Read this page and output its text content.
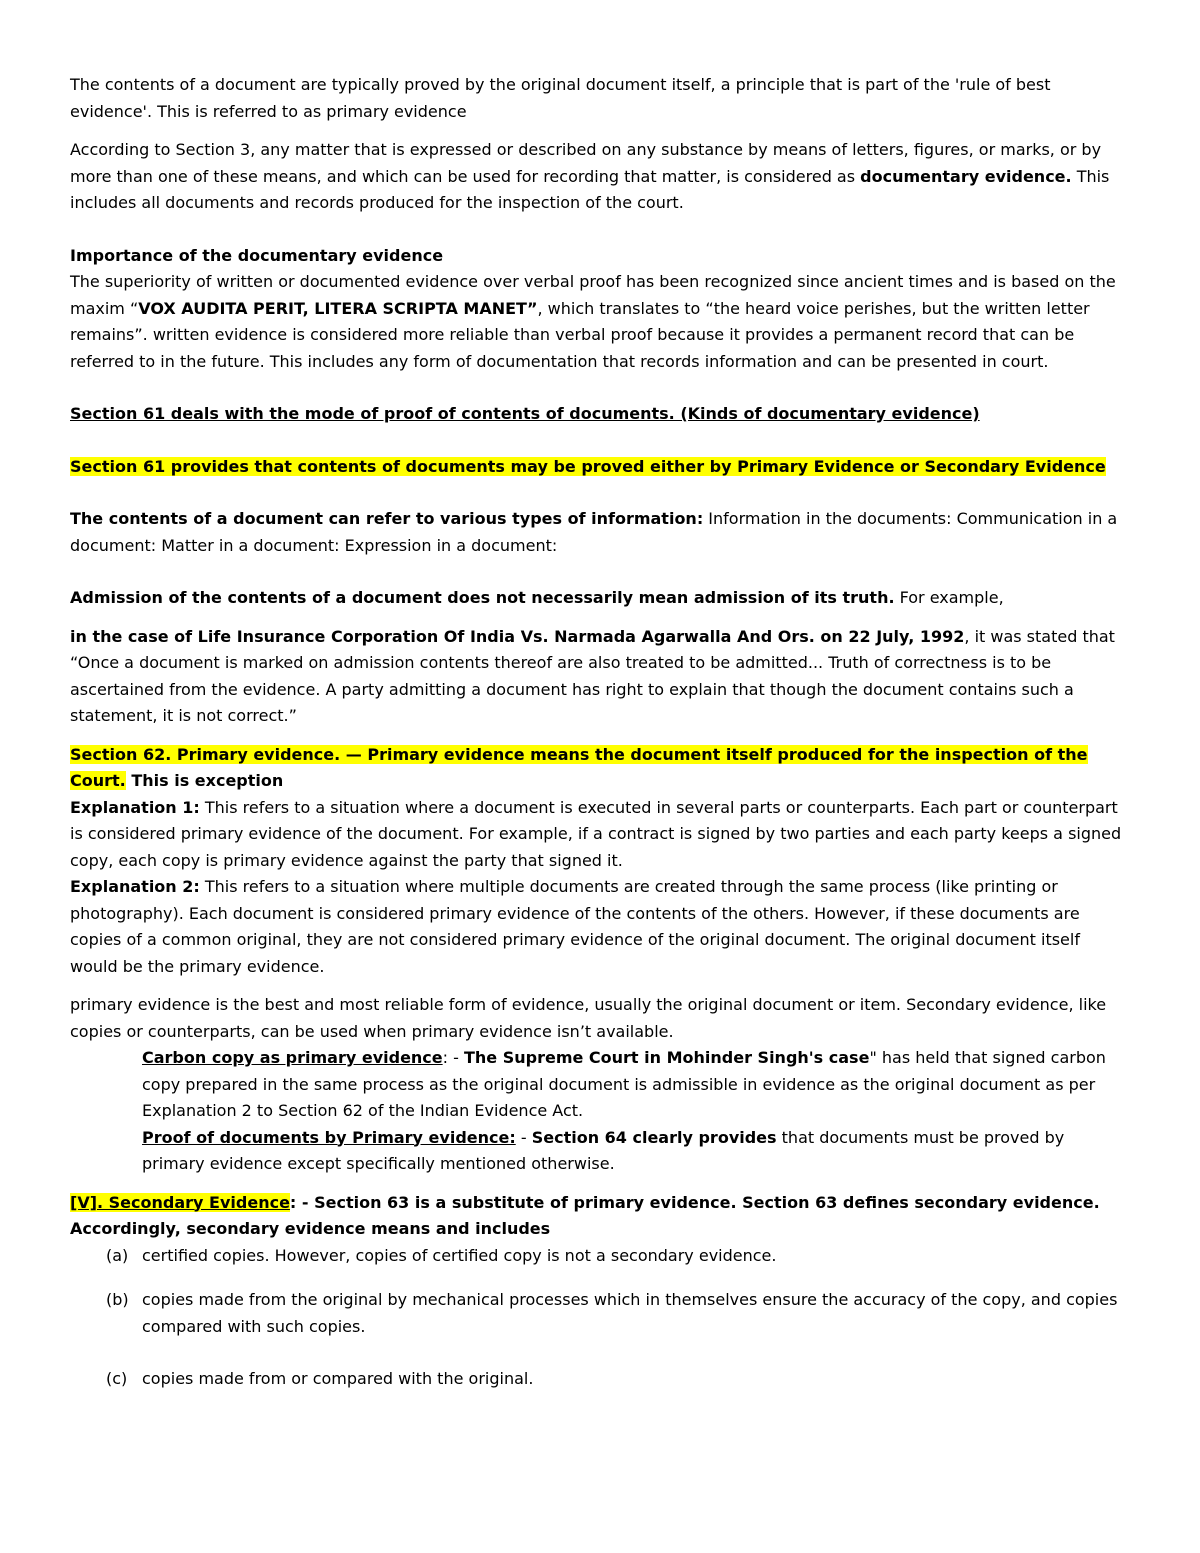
The contents of a document are typically proved by the original document itself, a principle that is part of the 'rule of best evidence'. This is referred to as primary evidence

According to Section 3, any matter that is expressed or described on any substance by means of letters, figures, or marks, or by more than one of these means, and which can be used for recording that matter, is considered as documentary evidence. This includes all documents and records produced for the inspection of the court.

Importance of the documentary evidence

The superiority of written or documented evidence over verbal proof has been recognized since ancient times and is based on the maxim “VOX AUDITA PERIT, LITERA SCRIPTA MANET”, which translates to “the heard voice perishes, but the written letter remains”. written evidence is considered more reliable than verbal proof because it provides a permanent record that can be referred to in the future. This includes any form of documentation that records information and can be presented in court.

Section 61 deals with the mode of proof of contents of documents. (Kinds of documentary evidence)

Section 61 provides that contents of documents may be proved either by Primary Evidence or Secondary Evidence

The contents of a document can refer to various types of information: Information in the documents: Communication in a document: Matter in a document: Expression in a document:

Admission of the contents of a document does not necessarily mean admission of its truth. For example,

in the case of Life Insurance Corporation Of India Vs. Narmada Agarwalla And Ors. on 22 July, 1992, it was stated that “Once a document is marked on admission contents thereof are also treated to be admitted... Truth of correctness is to be ascertained from the evidence. A party admitting a document has right to explain that though the document contains such a statement, it is not correct.”

Section 62. Primary evidence. — Primary evidence means the document itself produced for the inspection of the Court. This is exception

Explanation 1: This refers to a situation where a document is executed in several parts or counterparts. Each part or counterpart is considered primary evidence of the document. For example, if a contract is signed by two parties and each party keeps a signed copy, each copy is primary evidence against the party that signed it.

Explanation 2: This refers to a situation where multiple documents are created through the same process (like printing or photography). Each document is considered primary evidence of the contents of the others. However, if these documents are copies of a common original, they are not considered primary evidence of the original document. The original document itself would be the primary evidence.

primary evidence is the best and most reliable form of evidence, usually the original document or item. Secondary evidence, like copies or counterparts, can be used when primary evidence isn’t available.

Carbon copy as primary evidence: - The Supreme Court in Mohinder Singh's case" has held that signed carbon copy prepared in the same process as the original document is admissible in evidence as the original document as per Explanation 2 to Section 62 of the Indian Evidence Act.

Proof of documents by Primary evidence: - Section 64 clearly provides that documents must be proved by primary evidence except specifically mentioned otherwise.

[V]. Secondary Evidence: - Section 63 is a substitute of primary evidence. Section 63 defines secondary evidence. Accordingly, secondary evidence means and includes

(a) certified copies. However, copies of certified copy is not a secondary evidence.
(b) copies made from the original by mechanical processes which in themselves ensure the accuracy of the copy, and copies compared with such copies.
(c) copies made from or compared with the original.
